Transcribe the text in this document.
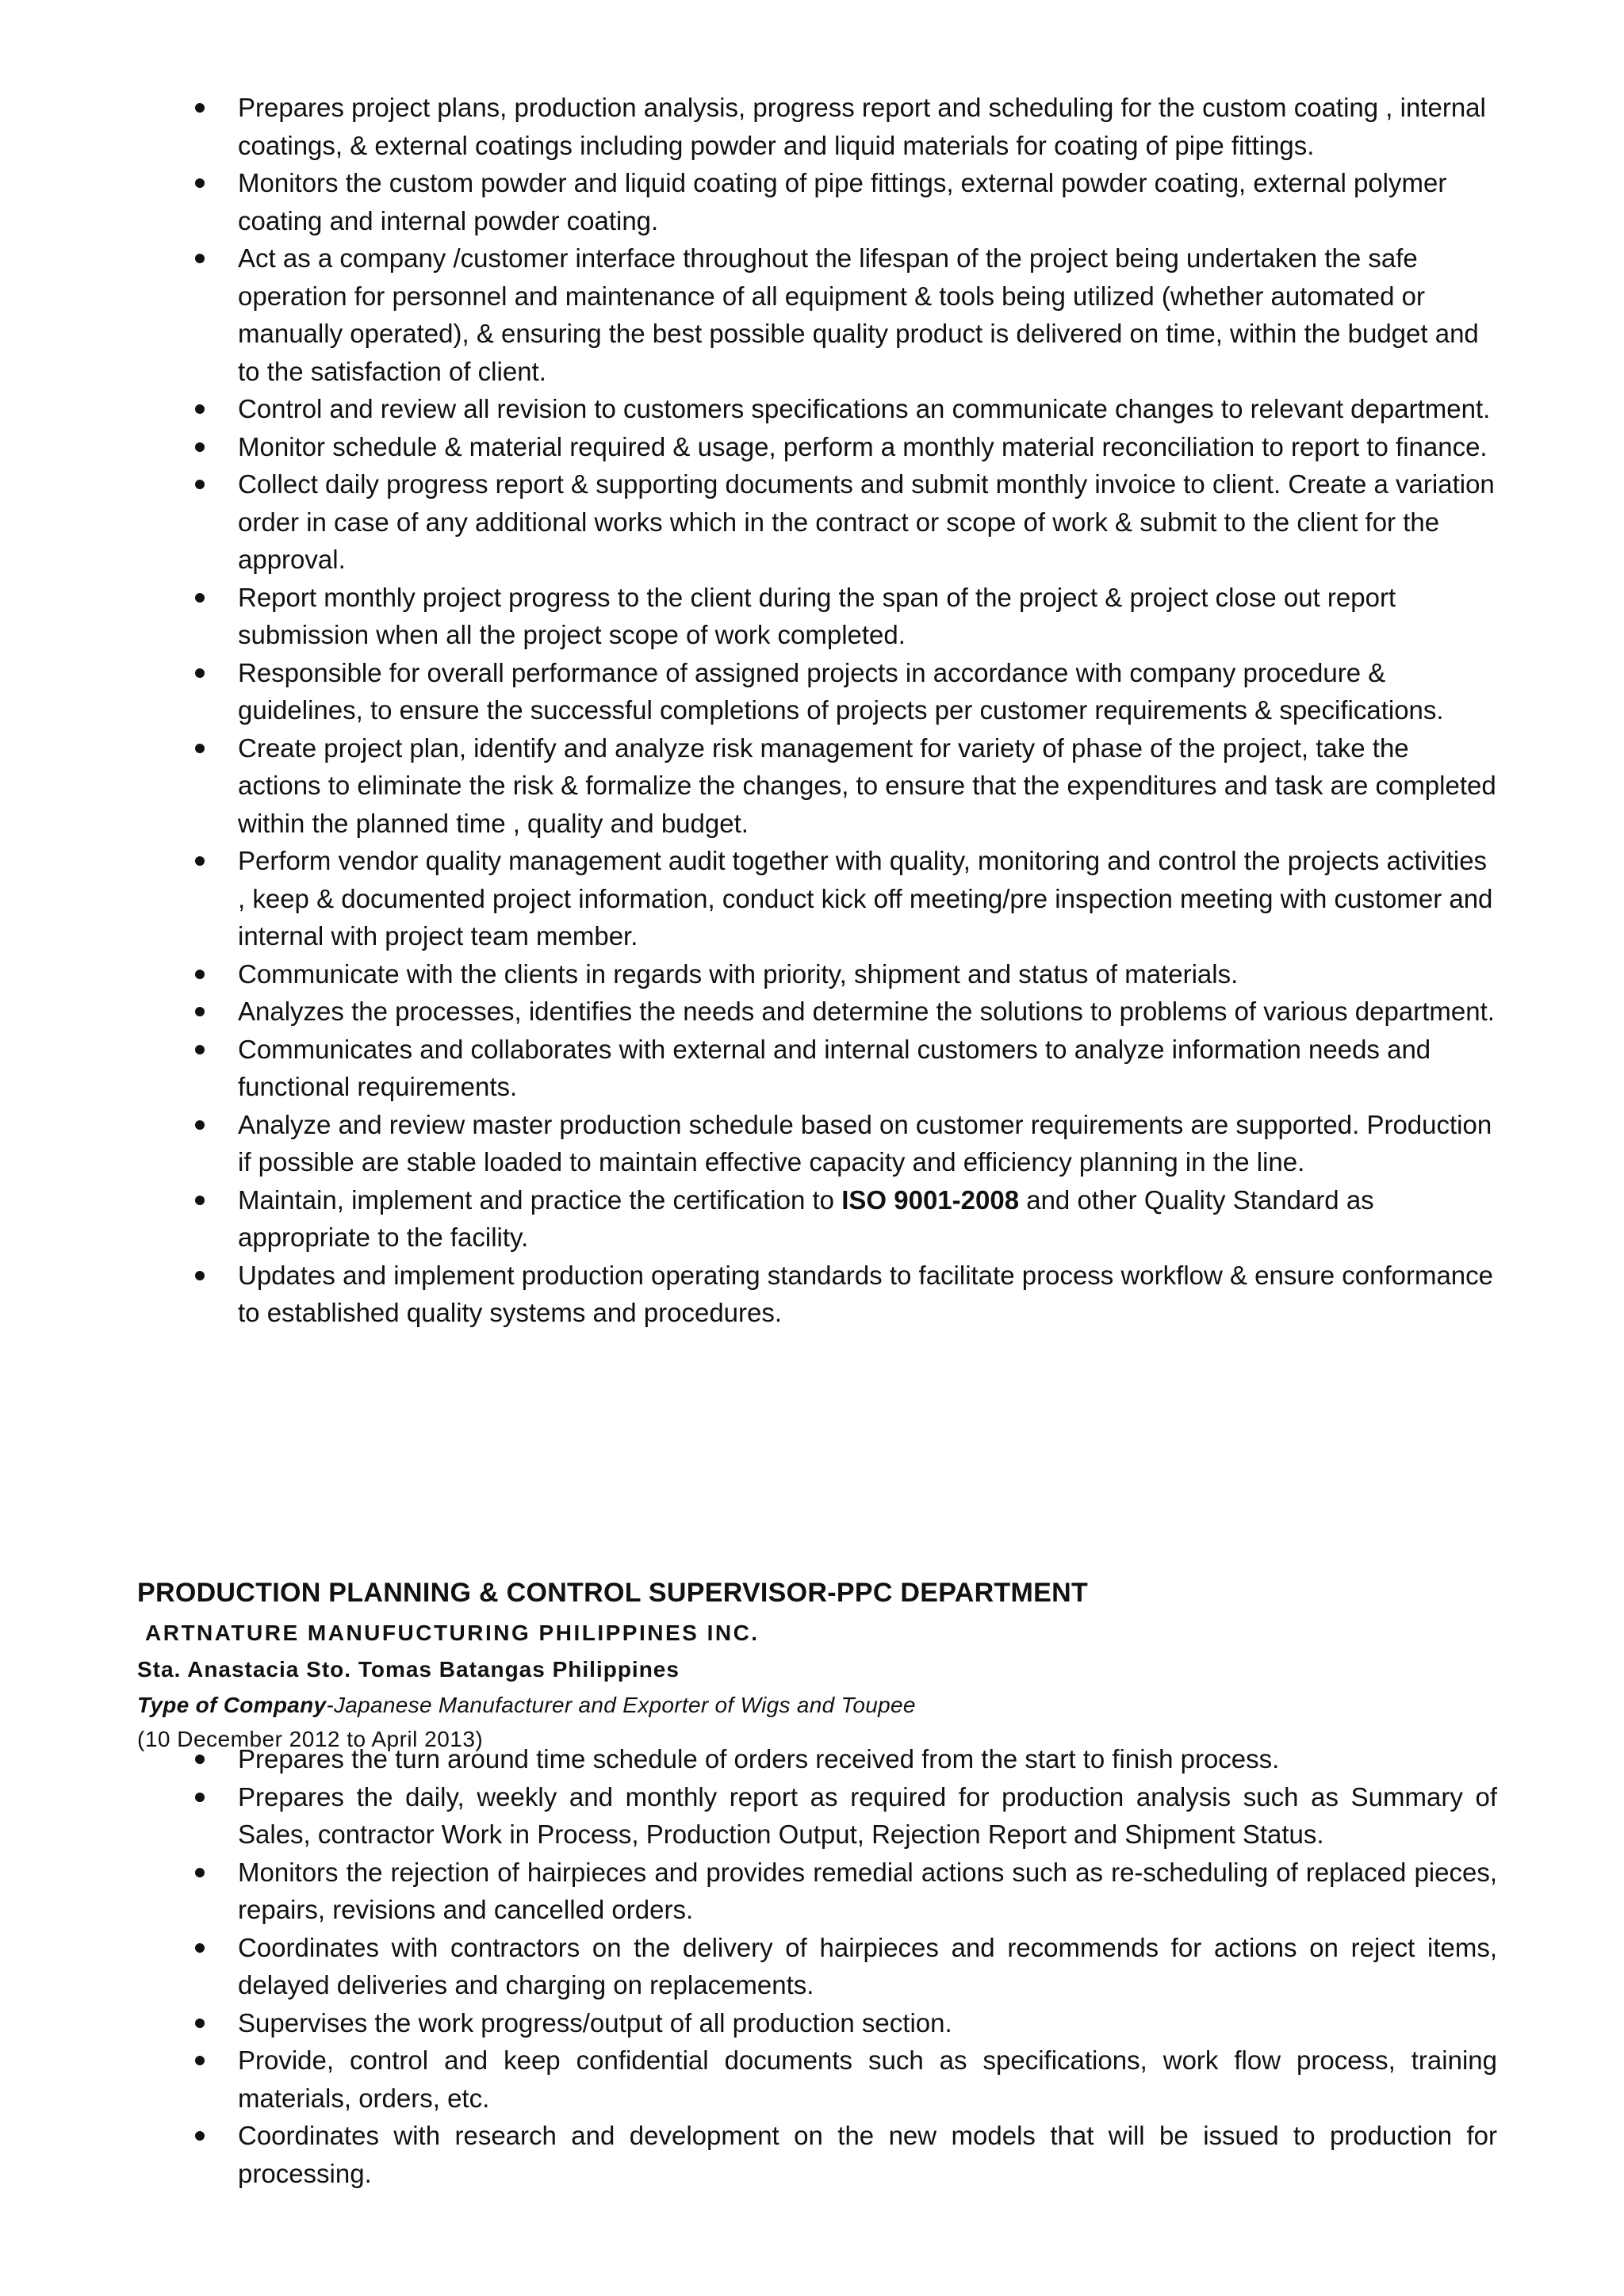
Prepares project plans, production analysis, progress report and scheduling for the custom coating , internal coatings, & external coatings including powder and liquid materials for coating of pipe fittings.
Monitors the custom powder and liquid coating of pipe fittings, external powder coating, external polymer coating and internal powder coating.
Act as a company /customer interface throughout the lifespan of the project being undertaken the safe operation for personnel and maintenance of all equipment & tools being utilized (whether automated or manually operated), & ensuring the best possible quality product is delivered on time, within the budget and to the satisfaction of client.
Control and review all revision to customers specifications an communicate changes to relevant department.
Monitor schedule & material required & usage, perform a monthly material reconciliation to report to finance.
Collect daily progress report & supporting documents and submit monthly invoice to client. Create a variation order in case of any additional works which in the contract or scope of work & submit to the client for the approval.
Report monthly project progress to the client during the span of the project & project close out report submission when all the project scope of work completed.
Responsible for overall performance of assigned projects in accordance with company procedure & guidelines, to ensure the successful completions of projects per customer requirements & specifications.
Create project plan, identify and analyze risk management for variety of phase of the project, take the actions to eliminate the risk & formalize the changes, to ensure that the expenditures and task are completed within the planned time , quality and budget.
Perform vendor quality management audit together with quality, monitoring and control the projects activities , keep & documented project information, conduct kick off meeting/pre inspection meeting with customer and internal with project team member.
Communicate with the clients in regards with priority, shipment and status of materials.
Analyzes the processes, identifies the needs and determine the solutions to problems of various department.
Communicates and collaborates with external and internal customers to analyze information needs and functional requirements.
Analyze and review master production schedule based on customer requirements are supported. Production if possible are stable loaded to maintain effective capacity and efficiency planning in the line.
Maintain, implement and practice the certification to ISO 9001-2008 and other Quality Standard as appropriate to the facility.
Updates and implement production operating standards to facilitate process workflow & ensure conformance to established quality systems and procedures.
PRODUCTION PLANNING & CONTROL SUPERVISOR-PPC DEPARTMENT
ARTNATURE MANUFUCTURING PHILIPPINES INC.
Sta. Anastacia Sto. Tomas Batangas Philippines
Type of Company-Japanese Manufacturer and Exporter of Wigs and Toupee
(10 December 2012 to April 2013)
Prepares the turn around time schedule of orders received from the start to finish process.
Prepares the daily, weekly and monthly report as required for production analysis such as Summary of Sales, contractor Work in Process, Production Output, Rejection Report and Shipment Status.
Monitors the rejection of hairpieces and provides remedial actions such as re-scheduling of replaced pieces, repairs, revisions and cancelled orders.
Coordinates with contractors on the delivery of hairpieces and recommends for actions on reject items, delayed deliveries and charging on replacements.
Supervises the work progress/output of all production section.
Provide, control and keep confidential documents such as specifications, work flow process, training materials, orders, etc.
Coordinates with research and development on the new models that will be issued to production for processing.
